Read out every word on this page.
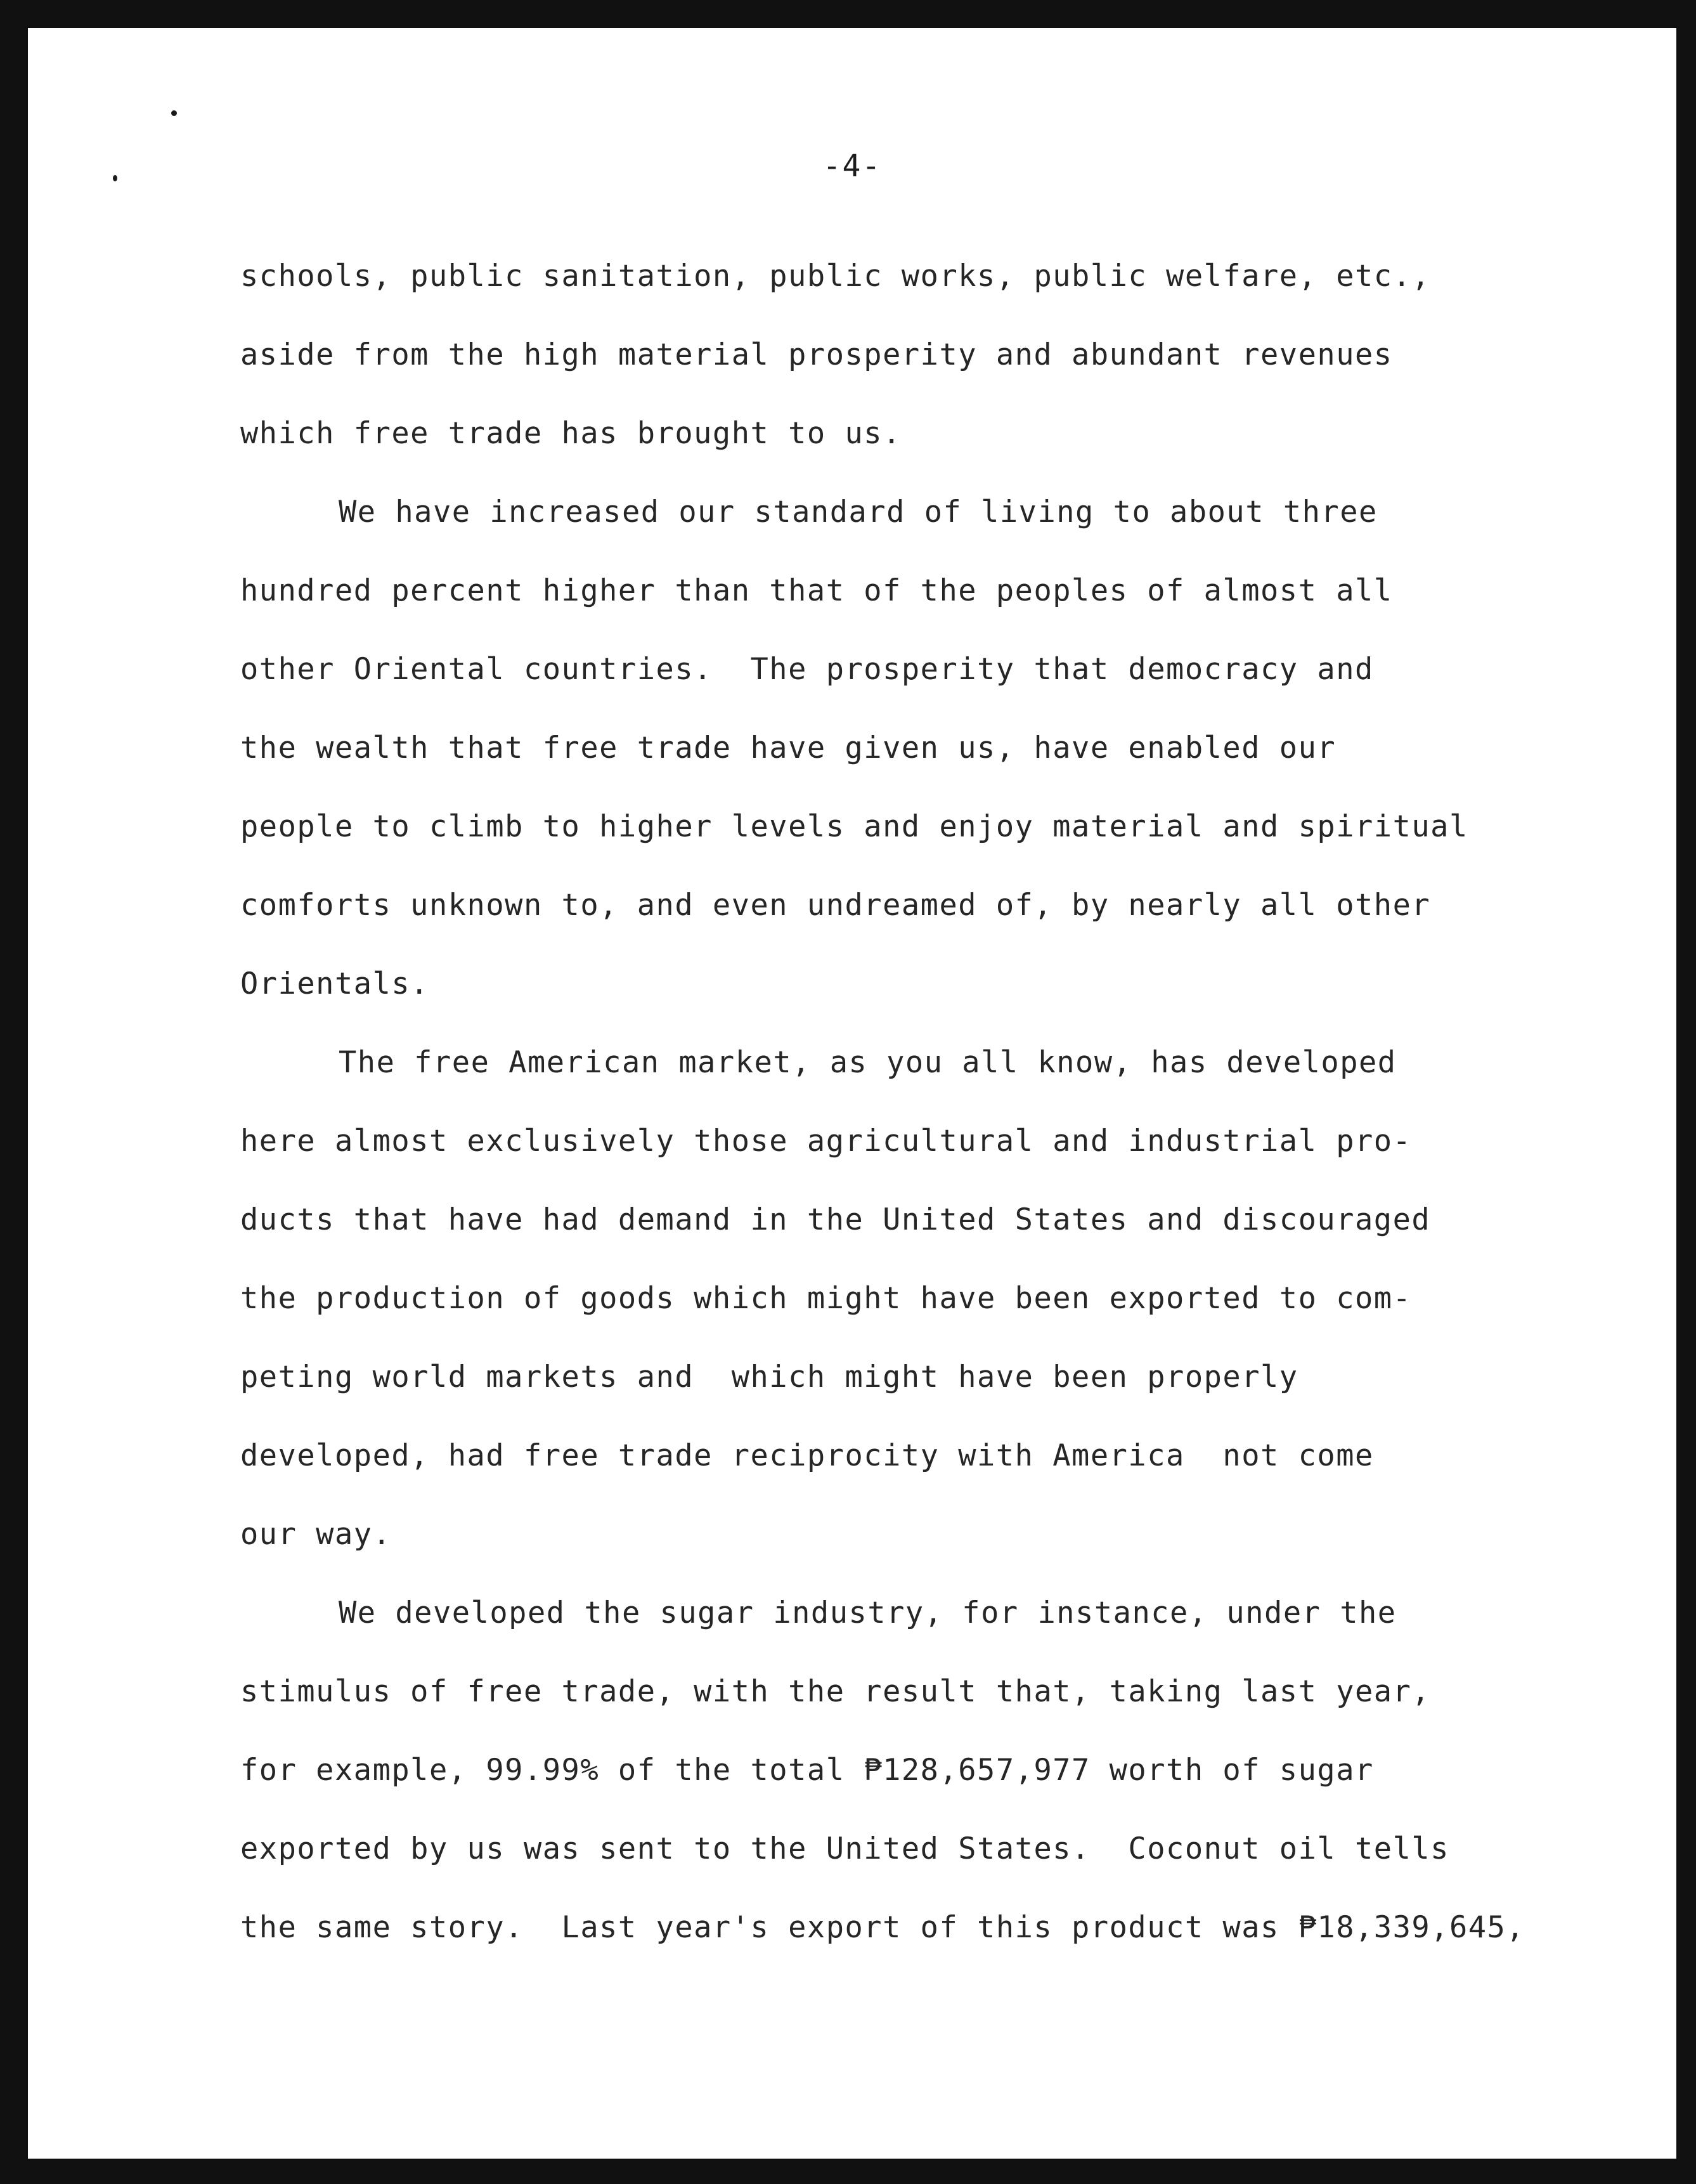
-4-

schools, public sanitation, public works, public welfare, etc.,

aside from the high material prosperity and abundant revenues

which free trade has brought to us.

We have increased our standard of living to about three

hundred percent higher than that of the peoples of almost all

other Oriental countries.  The prosperity that democracy and

the wealth that free trade have given us, have enabled our

people to climb to higher levels and enjoy material and spiritual

comforts unknown to, and even undreamed of, by nearly all other

Orientals.

The free American market, as you all know, has developed

here almost exclusively those agricultural and industrial pro-

ducts that have had demand in the United States and discouraged

the production of goods which might have been exported to com-

peting world markets and  which might have been properly

developed, had free trade reciprocity with America  not come

our way.

We developed the sugar industry, for instance, under the

stimulus of free trade, with the result that, taking last year,

for example, 99.99% of the total ₱128,657,977 worth of sugar

exported by us was sent to the United States.  Coconut oil tells

the same story.  Last year's export of this product was ₱18,339,645,
